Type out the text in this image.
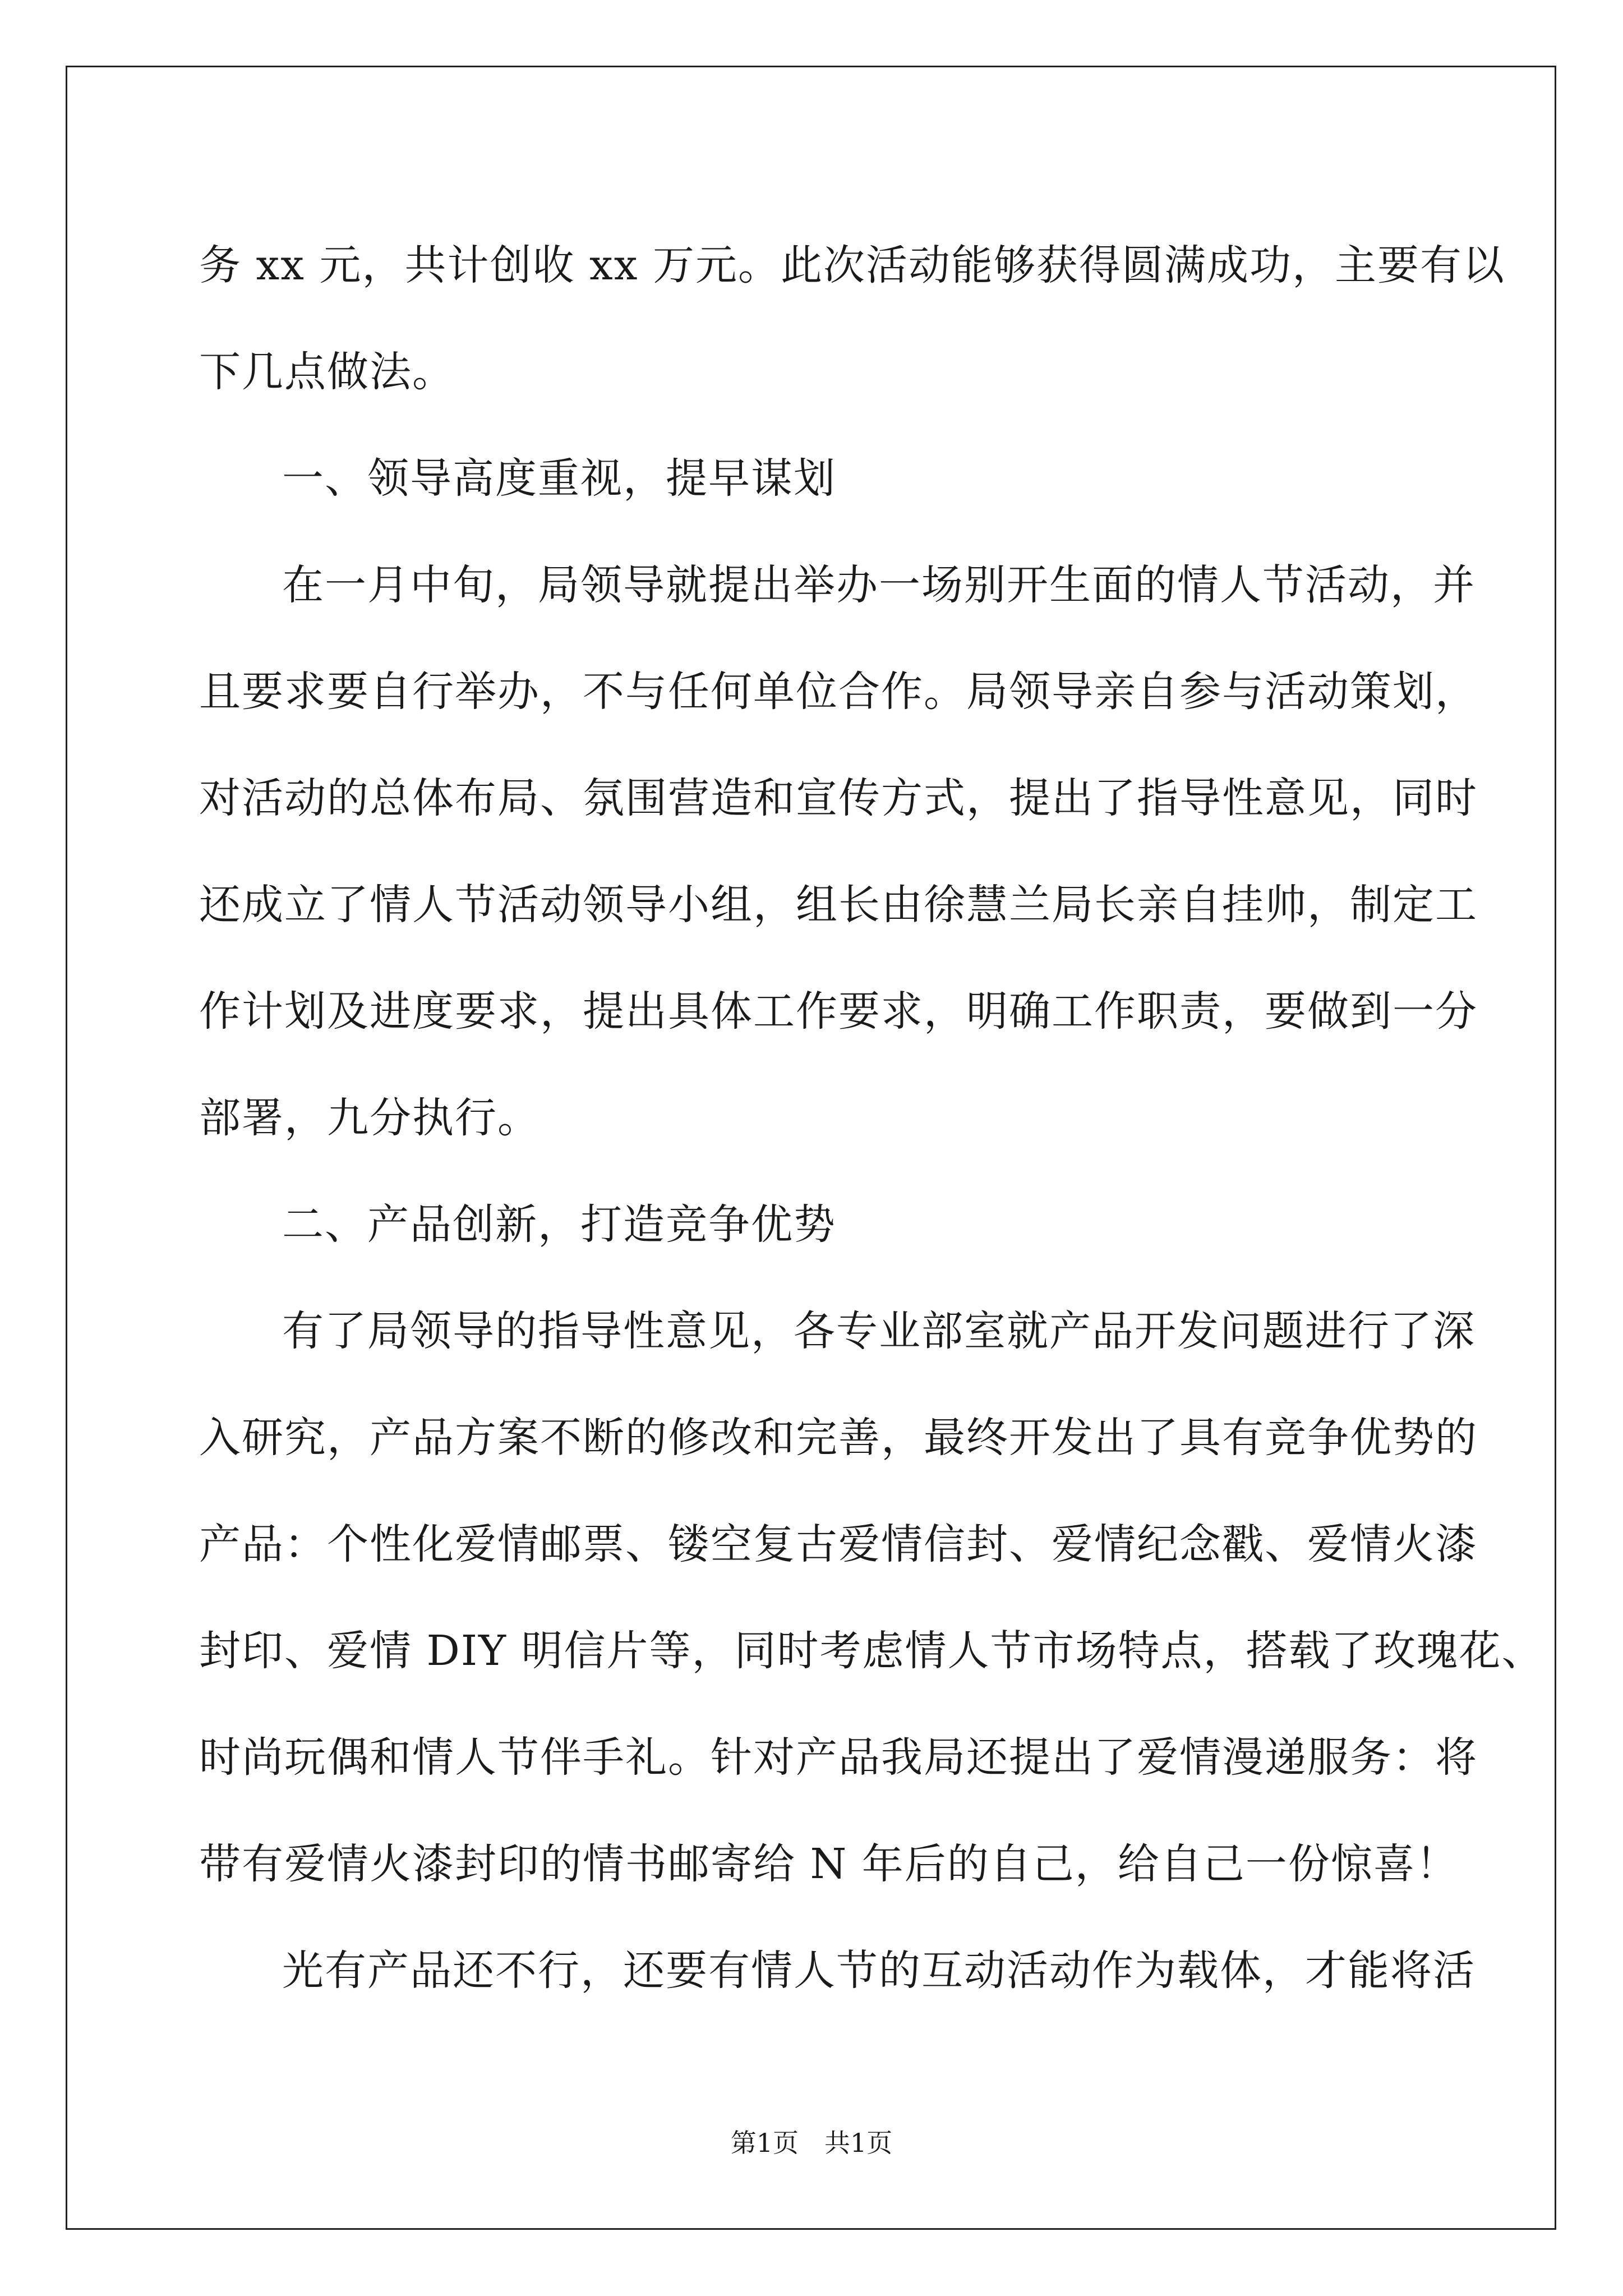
务 xx 元，共计创收 xx 万元。此次活动能够获得圆满成功，主要有以
下几点做法。
一、领导高度重视，提早谋划
在一月中旬，局领导就提出举办一场别开生面的情人节活动，并
且要求要自行举办，不与任何单位合作。局领导亲自参与活动策划，
对活动的总体布局、氛围营造和宣传方式，提出了指导性意见，同时
还成立了情人节活动领导小组，组长由徐慧兰局长亲自挂帅，制定工
作计划及进度要求，提出具体工作要求，明确工作职责，要做到一分
部署，九分执行。
二、产品创新，打造竞争优势
有了局领导的指导性意见，各专业部室就产品开发问题进行了深
入研究，产品方案不断的修改和完善，最终开发出了具有竞争优势的
产品：个性化爱情邮票、镂空复古爱情信封、爱情纪念戳、爱情火漆
封印、爱情 DIY 明信片等，同时考虑情人节市场特点，搭载了玫瑰花、
时尚玩偶和情人节伴手礼。针对产品我局还提出了爱情漫递服务：将
带有爱情火漆封印的情书邮寄给 N 年后的自己，给自己一份惊喜！
光有产品还不行，还要有情人节的互动活动作为载体，才能将活
第1页　共1页
